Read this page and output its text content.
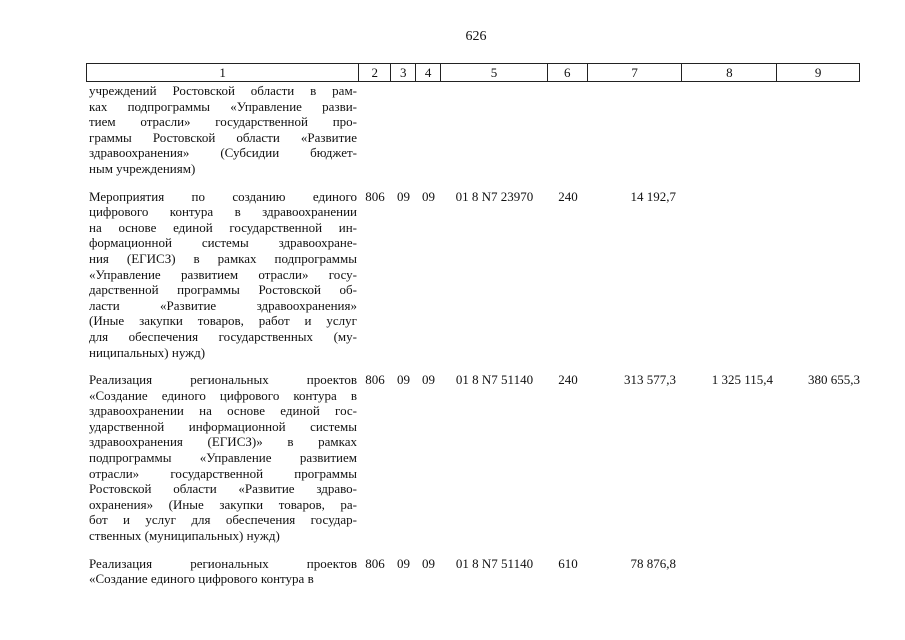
626
1	2	3	4	5	6	7	8	9
учреждений Ростовской области в рам-
ках подпрограммы «Управление разви-
тием отрасли» государственной про-
граммы Ростовской области «Развитие
здравоохранения» (Субсидии бюджет-
ным учреждениям)
Мероприятия по созданию единого
цифрового контура в здравоохранении
на основе единой государственной ин-
формационной системы здравоохране-
ния (ЕГИСЗ) в рамках подпрограммы
«Управление развитием отрасли» госу-
дарственной программы Ростовской об-
ласти «Развитие здравоохранения»
(Иные закупки товаров, работ и услуг
для обеспечения государственных (му-
ниципальных) нужд)
806 09 09	01 8 N7 23970	240	14 192,7
Реализация региональных проектов
«Создание единого цифрового контура в
здравоохранении на основе единой гос-
ударственной информационной системы
здравоохранения (ЕГИСЗ)» в рамках
подпрограммы «Управление развитием
отрасли» государственной программы
Ростовской области «Развитие здраво-
охранения» (Иные закупки товаров, ра-
бот и услуг для обеспечения государ-
ственных (муниципальных) нужд)
806 09 09	01 8 N7 51140	240	313 577,3	1 325 115,4	380 655,3
Реализация региональных проектов
«Создание единого цифрового контура в
806 09 09	01 8 N7 51140	610	78 876,8
